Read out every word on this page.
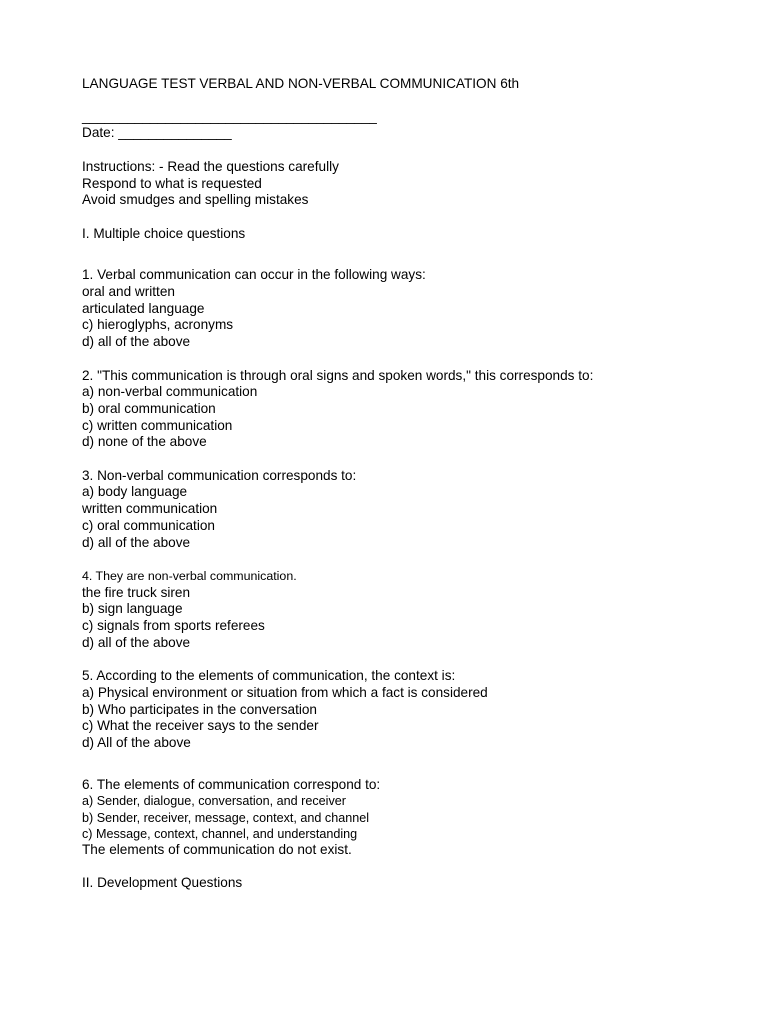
LANGUAGE TEST VERBAL AND NON-VERBAL COMMUNICATION 6th
_______________________________________
Date: _______________
Instructions: - Read the questions carefully
Respond to what is requested
Avoid smudges and spelling mistakes
I. Multiple choice questions
1. Verbal communication can occur in the following ways:
oral and written
articulated language
c) hieroglyphs, acronyms
d) all of the above
2. "This communication is through oral signs and spoken words," this corresponds to:
a) non-verbal communication
b) oral communication
c) written communication
d) none of the above
3. Non-verbal communication corresponds to:
a) body language
written communication
c) oral communication
d) all of the above
4. They are non-verbal communication.
the fire truck siren
b) sign language
c) signals from sports referees
d) all of the above
5. According to the elements of communication, the context is:
a) Physical environment or situation from which a fact is considered
b) Who participates in the conversation
c) What the receiver says to the sender
d) All of the above
6. The elements of communication correspond to:
a) Sender, dialogue, conversation, and receiver
b) Sender, receiver, message, context, and channel
c) Message, context, channel, and understanding
The elements of communication do not exist.
II. Development Questions
